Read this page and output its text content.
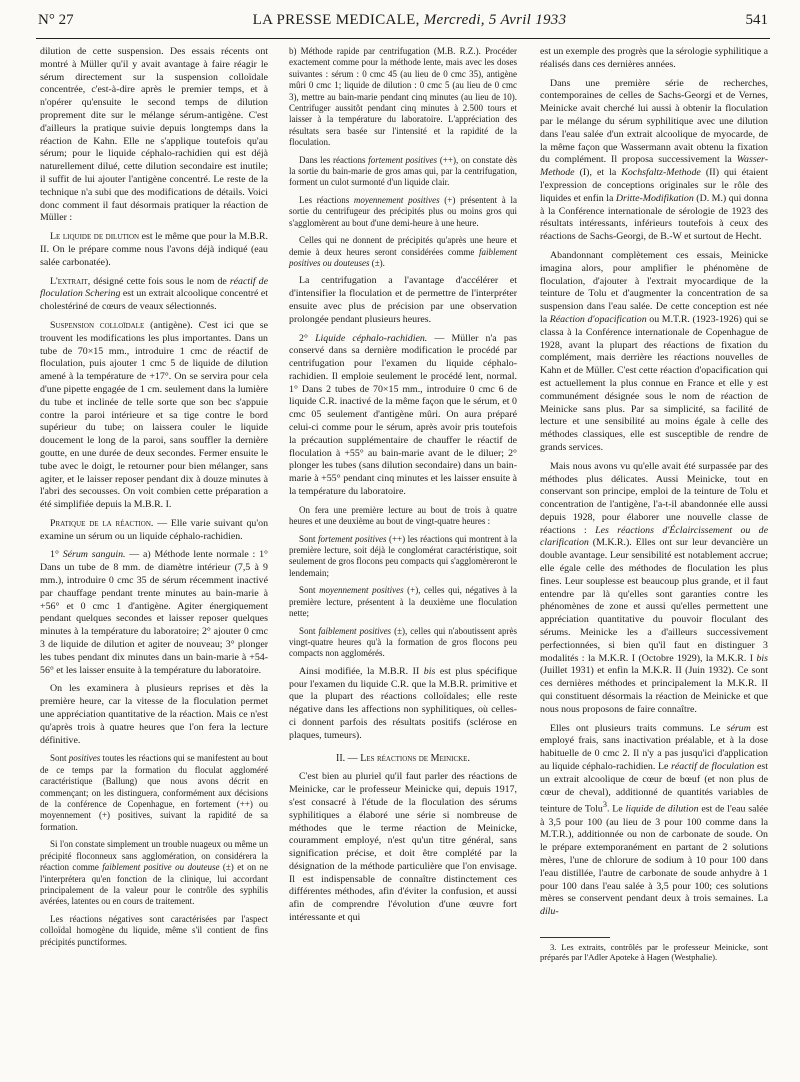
N° 27	LA PRESSE MEDICALE, Mercredi, 5 Avril 1933	541

dilution de cette suspension. Des essais récents ont montré à Müller qu'il y avait avantage à faire réagir le sérum directement sur la suspension colloïdale concentrée, c'est-à-dire après le premier temps, et à n'opérer qu'ensuite le second temps de dilution proprement dite sur le mélange sérum-antigène. C'est d'ailleurs la pratique suivie depuis longtemps dans la réaction de Kahn. Elle ne s'applique toutefois qu'au sérum; pour le liquide céphalo-rachidien qui est déjà naturellement dilué, cette dilution secondaire est inutile; il suffit de lui ajouter l'antigène concentré. Le reste de la technique n'a subi que des modifications de détails. Voici donc comment il faut désormais pratiquer la réaction de Müller :

Le liquide de dilution est le même que pour la M.B.R. II. On le prépare comme nous l'avons déjà indiqué (eau salée carbonatée).

L'extrait, désigné cette fois sous le nom de réactif de floculation Schering est un extrait alcoolique concentré et cholestériné de cœurs de veaux sélectionnés.

Suspension colloïdale (antigène). C'est ici que se trouvent les modifications les plus importantes. Dans un tube de 70×15 mm., introduire 1 cmc de réactif de floculation, puis ajouter 1 cmc 5 de liquide de dilution amené à la température de +17°. On se servira pour cela d'une pipette engagée de 1 cm. seulement dans la lumière du tube et inclinée de telle sorte que son bec s'appuie contre la paroi intérieure et sa tige contre le bord supérieur du tube; on laissera couler le liquide doucement le long de la paroi, sans souffler la dernière goutte, en une durée de deux secondes. Fermer ensuite le tube avec le doigt, le retourner pour bien mélanger, sans agiter, et le laisser reposer pendant dix à douze minutes à l'abri des secousses. On voit combien cette préparation a été simplifiée depuis la M.B.R. I.

Pratique de la réaction. — Elle varie suivant qu'on examine un sérum ou un liquide céphalo-rachidien.

1° Sérum sanguin. — a) Méthode lente normale : 1° Dans un tube de 8 mm. de diamètre intérieur (7,5 à 9 mm.), introduire 0 cmc 35 de sérum récemment inactivé par chauffage pendant trente minutes au bain-marie à +56° et 0 cmc 1 d'antigène. Agiter énergiquement pendant quelques secondes et laisser reposer quelques minutes à la température du laboratoire; 2° ajouter 0 cmc 3 de liquide de dilution et agiter de nouveau; 3° plonger les tubes pendant dix minutes dans un bain-marie à +54-56° et les laisser ensuite à la température du laboratoire.

On les examinera à plusieurs reprises et dès la première heure, car la vitesse de la floculation permet une appréciation quantitative de la réaction. Mais ce n'est qu'après trois à quatre heures que l'on fera la lecture définitive.

Sont positives toutes les réactions qui se manifestent au bout de ce temps par la formation du floculat aggloméré caractéristique (Ballung) que nous avons décrit en commençant; on les distinguera, conformément aux décisions de la conférence de Copenhague, en fortement (++) ou moyennement (+) positives, suivant la rapidité de sa formation.

Si l'on constate simplement un trouble nuageux ou même un précipité floconneux sans agglomération, on considérera la réaction comme faiblement positive ou douteuse (±) et on ne l'interprétera qu'en fonction de la clinique, lui accordant principalement de la valeur pour le contrôle des syphilis avérées, latentes ou en cours de traitement.

Les réactions négatives sont caractérisées par l'aspect colloïdal homogène du liquide, même s'il contient de fins précipités punctiformes.

b) Méthode rapide par centrifugation (M.B. R.Z.). Procéder exactement comme pour la méthode lente, mais avec les doses suivantes : sérum : 0 cmc 45 (au lieu de 0 cmc 35), antigène mûri 0 cmc 1; liquide de dilution : 0 cmc 5 (au lieu de 0 cmc 3), mettre au bain-marie pendant cinq minutes (au lieu de 10). Centrifuger aussitôt pendant cinq minutes à 2.500 tours et laisser à la température du laboratoire. L'appréciation des résultats sera basée sur l'intensité et la rapidité de la floculation.

Dans les réactions fortement positives (++), on constate dès la sortie du bain-marie de gros amas qui, par la centrifugation, forment un culot surmonté d'un liquide clair.

Les réactions moyennement positives (+) présentent à la sortie du centrifugeur des précipités plus ou moins gros qui s'agglomèrent au bout d'une demi-heure à une heure.

Celles qui ne donnent de précipités qu'après une heure et demie à deux heures seront considérées comme faiblement positives ou douteuses (±).

La centrifugation a l'avantage d'accélérer et d'intensifier la floculation et de permettre de l'interpréter ensuite avec plus de précision par une observation prolongée pendant plusieurs heures.

2° Liquide céphalo-rachidien. — Müller n'a pas conservé dans sa dernière modification le procédé par centrifugation pour l'examen du liquide céphalo-rachidien. Il emploie seulement le procédé lent, normal. 1° Dans 2 tubes de 70×15 mm., introduire 0 cmc 6 de liquide C.R. inactivé de la même façon que le sérum, et 0 cmc 05 seulement d'antigène mûri. On aura préparé celui-ci comme pour le sérum, après avoir pris toutefois la précaution supplémentaire de chauffer le réactif de floculation à +55° au bain-marie avant de le diluer; 2° plonger les tubes (sans dilution secondaire) dans un bain-marie à +55° pendant cinq minutes et les laisser ensuite à la température du laboratoire.

On fera une première lecture au bout de trois à quatre heures et une deuxième au bout de vingt-quatre heures :

Sont fortement positives (++) les réactions qui montrent à la première lecture, soit déjà le conglomérat caractéristique, soit seulement de gros flocons peu compacts qui s'agglomèreront le lendemain;

Sont moyennement positives (+), celles qui, négatives à la première lecture, présentent à la deuxième une floculation nette;

Sont faiblement positives (±), celles qui n'aboutissent après vingt-quatre heures qu'à la formation de gros flocons peu compacts non agglomérés.

Ainsi modifiée, la M.B.R. II bis est plus spécifique pour l'examen du liquide C.R. que la M.B.R. primitive et que la plupart des réactions colloïdales; elle reste négative dans les affections non syphilitiques, où celles-ci donnent parfois des résultats positifs (sclérose en plaques, tumeurs).

II. — Les réactions de Meinicke.

C'est bien au pluriel qu'il faut parler des réactions de Meinicke, car le professeur Meinicke qui, depuis 1917, s'est consacré à l'étude de la floculation des sérums syphilitiques a élaboré une série si nombreuse de méthodes que le terme réaction de Meinicke, couramment employé, n'est qu'un titre général, sans signification précise, et doit être complété par la désignation de la méthode particulière que l'on envisage. Il est indispensable de connaître distinctement ces différentes méthodes, afin d'éviter la confusion, et aussi afin de comprendre l'évolution d'une œuvre fort intéressante et qui

est un exemple des progrès que la sérologie syphilitique a réalisés dans ces dernières années.

Dans une première série de recherches, contemporaines de celles de Sachs-Georgi et de Vernes, Meinicke avait cherché lui aussi à obtenir la floculation par le mélange du sérum syphilitique avec une dilution dans l'eau salée d'un extrait alcoolique de myocarde, de la même façon que Wassermann avait obtenu la fixation du complément. Il proposa successivement la Wasser-Methode (I), et la Kochsfaltz-Methode (II) qui étaient l'expression de conceptions originales sur le rôle des liquides et enfin la Dritte-Modifikation (D. M.) qui donna à la Conférence internationale de sérologie de 1923 des résultats intéressants, inférieurs toutefois à ceux des réactions de Sachs-Georgi, de B.-W et surtout de Hecht.

Abandonnant complètement ces essais, Meinicke imagina alors, pour amplifier le phénomène de floculation, d'ajouter à l'extrait myocardique de la teinture de Tolu et d'augmenter la concentration de sa suspension dans l'eau salée. De cette conception est née la Réaction d'opacification ou M.T.R. (1923-1926) qui se classa à la Conférence internationale de Copenhague de 1928, avant la plupart des réactions de fixation du complément, mais derrière les réactions nouvelles de Kahn et de Müller. C'est cette réaction d'opacification qui est actuellement la plus connue en France et elle y est communément désignée sous le nom de réaction de Meinicke sans plus. Par sa simplicité, sa facilité de lecture et une sensibilité au moins égale à celle des méthodes classiques, elle est susceptible de rendre de grands services.

Mais nous avons vu qu'elle avait été surpassée par des méthodes plus délicates. Aussi Meinicke, tout en conservant son principe, emploi de la teinture de Tolu et concentration de l'antigène, l'a-t-il abandonnée elle aussi depuis 1928, pour élaborer une nouvelle classe de réactions : Les réactions d'Éclaircissement ou de clarification (M.K.R.). Elles ont sur leur devancière un double avantage. Leur sensibilité est notablement accrue; elle égale celle des méthodes de floculation les plus fines. Leur souplesse est beaucoup plus grande, et il faut entendre par là qu'elles sont garanties contre les phénomènes de zone et aussi qu'elles permettent une appréciation quantitative du pouvoir floculant des sérums. Meinicke les a d'ailleurs successivement perfectionnées, si bien qu'il faut en distinguer 3 modalités : la M.K.R. I (Octobre 1929), la M.K.R. I bis (Juillet 1931) et enfin la M.K.R. II (Juin 1932). Ce sont ces dernières méthodes et principalement la M.K.R. II qui constituent désormais la réaction de Meinicke et que nous nous proposons de faire connaître.

Elles ont plusieurs traits communs. Le sérum est employé frais, sans inactivation préalable, et à la dose habituelle de 0 cmc 2. Il n'y a pas jusqu'ici d'application au liquide céphalo-rachidien. Le réactif de floculation est un extrait alcoolique de cœur de bœuf (et non plus de cœur de cheval), additionné de quantités variables de teinture de Tolu$^3$. Le liquide de dilution est de l'eau salée à 3,5 pour 100 (au lieu de 3 pour 100 comme dans la M.T.R.), additionnée ou non de carbonate de soude. On le prépare extemporanément en partant de 2 solutions mères, l'une de chlorure de sodium à 10 pour 100 dans l'eau distillée, l'autre de carbonate de soude anhydre à 1 pour 100 dans l'eau salée à 3,5 pour 100; ces solutions mères se conservent pendant deux à trois semaines. La dilu-

3. Les extraits, contrôlés par le professeur Meinicke, sont préparés par l'Adler Apoteke à Hagen (Westphalie).
